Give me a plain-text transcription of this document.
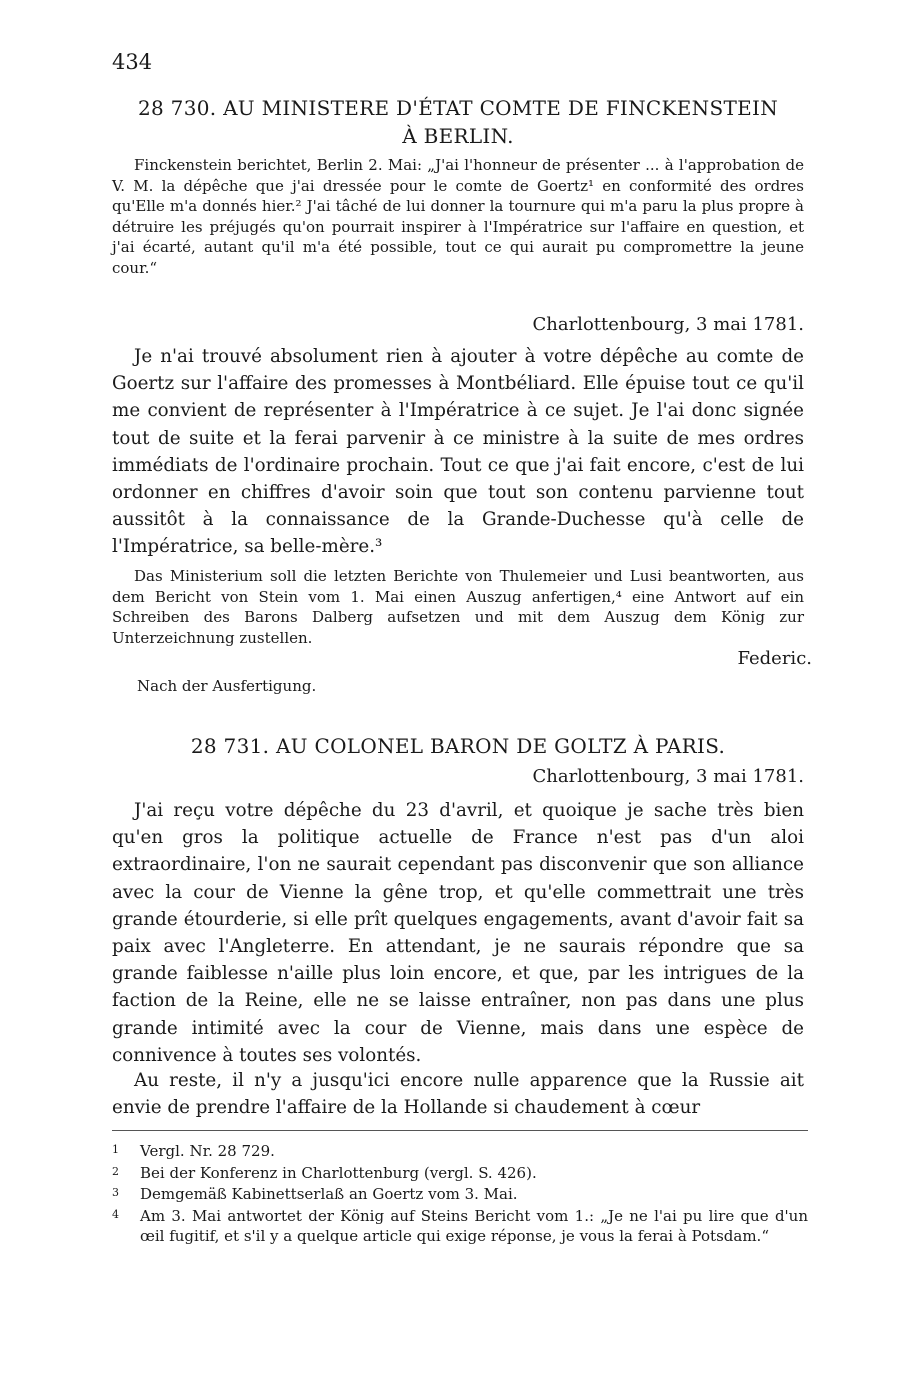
434
28 730. AU MINISTERE D'ÉTAT COMTE DE FINCKENSTEIN
À BERLIN.
Finckenstein berichtet, Berlin 2. Mai: „J'ai l'honneur de présenter ... à l'approbation de V. M. la dépêche que j'ai dressée pour le comte de Goertz¹ en conformité des ordres qu'Elle m'a donnés hier.² J'ai tâché de lui donner la tournure qui m'a paru la plus propre à détruire les préjugés qu'on pourrait inspirer à l'Impératrice sur l'affaire en question, et j'ai écarté, autant qu'il m'a été possible, tout ce qui aurait pu compromettre la jeune cour.“
Charlottenbourg, 3 mai 1781.
Je n'ai trouvé absolument rien à ajouter à votre dépêche au comte de Goertz sur l'affaire des promesses à Montbéliard. Elle épuise tout ce qu'il me convient de représenter à l'Impératrice à ce sujet. Je l'ai donc signée tout de suite et la ferai parvenir à ce ministre à la suite de mes ordres immédiats de l'ordinaire prochain. Tout ce que j'ai fait encore, c'est de lui ordonner en chiffres d'avoir soin que tout son contenu parvienne tout aussitôt à la connaissance de la Grande-Duchesse qu'à celle de l'Impératrice, sa belle-mère.³
Das Ministerium soll die letzten Berichte von Thulemeier und Lusi beantworten, aus dem Bericht von Stein vom 1. Mai einen Auszug anfertigen,⁴ eine Antwort auf ein Schreiben des Barons Dalberg aufsetzen und mit dem Auszug dem König zur Unterzeichnung zustellen.
Federic.
Nach der Ausfertigung.
28 731. AU COLONEL BARON DE GOLTZ À PARIS.
Charlottenbourg, 3 mai 1781.
J'ai reçu votre dépêche du 23 d'avril, et quoique je sache très bien qu'en gros la politique actuelle de France n'est pas d'un aloi extraordinaire, l'on ne saurait cependant pas disconvenir que son alliance avec la cour de Vienne la gêne trop, et qu'elle commettrait une très grande étourderie, si elle prît quelques engagements, avant d'avoir fait sa paix avec l'Angleterre. En attendant, je ne saurais répondre que sa grande faiblesse n'aille plus loin encore, et que, par les intrigues de la faction de la Reine, elle ne se laisse entraîner, non pas dans une plus grande intimité avec la cour de Vienne, mais dans une espèce de connivence à toutes ses volontés.
Au reste, il n'y a jusqu'ici encore nulle apparence que la Russie ait envie de prendre l'affaire de la Hollande si chaudement à cœur
1 Vergl. Nr. 28 729.
2 Bei der Konferenz in Charlottenburg (vergl. S. 426).
3 Demgemäß Kabinettserlaß an Goertz vom 3. Mai.
4 Am 3. Mai antwortet der König auf Steins Bericht vom 1.: „Je ne l'ai pu lire que d'un œil fugitif, et s'il y a quelque article qui exige réponse, je vous la ferai à Potsdam.“
